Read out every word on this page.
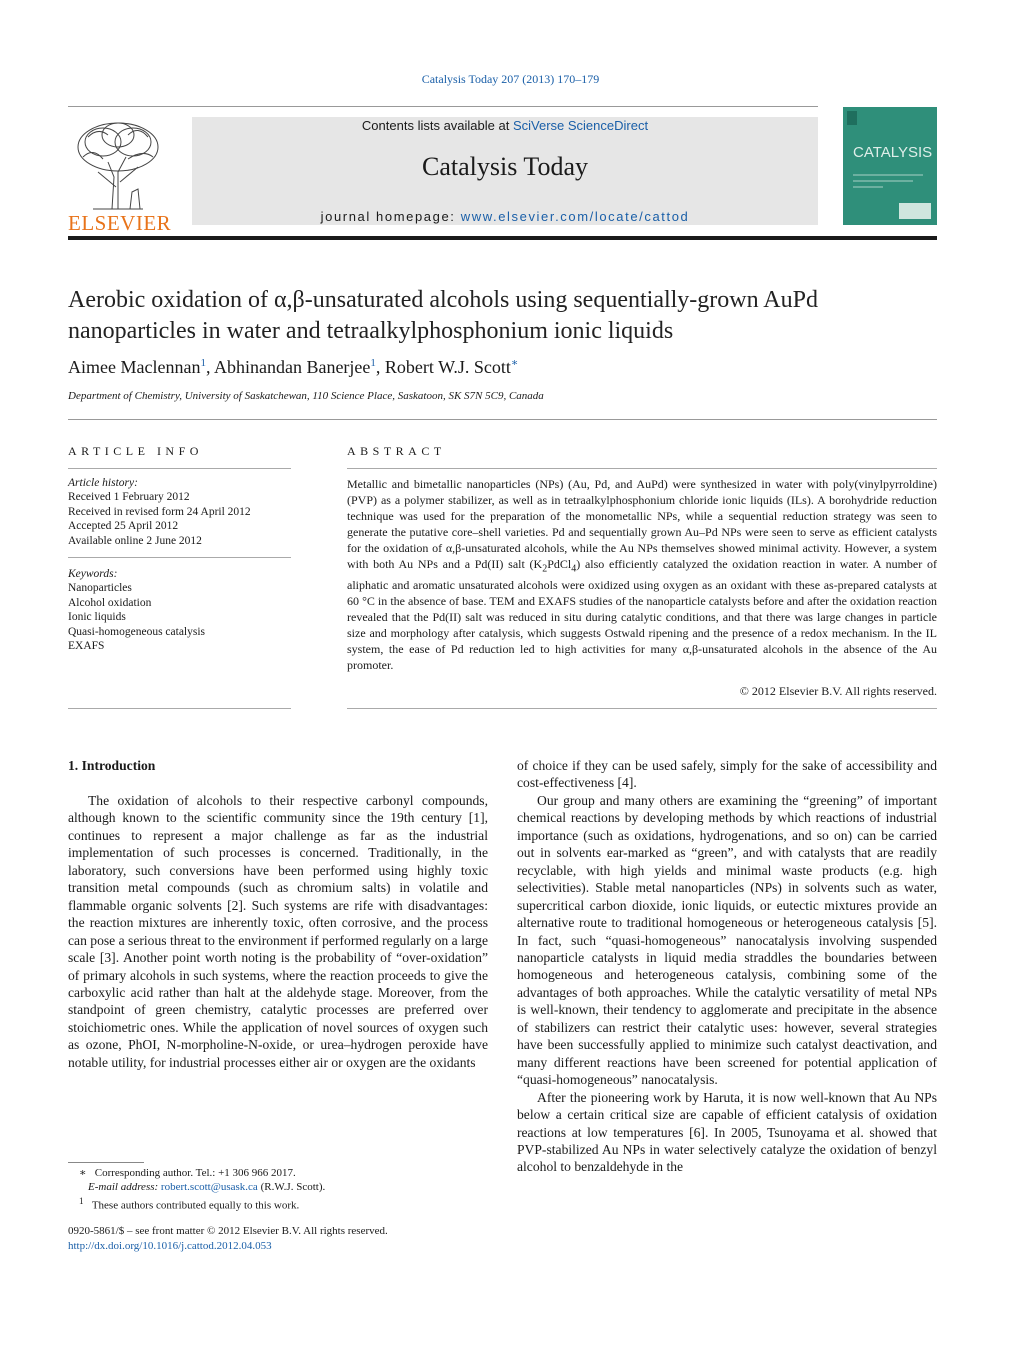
Catalysis Today 207 (2013) 170–179
ELSEVIER
Contents lists available at SciVerse ScienceDirect
Catalysis Today
journal homepage: www.elsevier.com/locate/cattod
CATALYSIS
Aerobic oxidation of α,β-unsaturated alcohols using sequentially-grown AuPd nanoparticles in water and tetraalkylphosphonium ionic liquids
Aimee Maclennan$^1$, Abhinandan Banerjee$^1$, Robert W.J. Scott∗
Department of Chemistry, University of Saskatchewan, 110 Science Place, Saskatoon, SK S7N 5C9, Canada
ARTICLE INFO
Article history:
Received 1 February 2012
Received in revised form 24 April 2012
Accepted 25 April 2012
Available online 2 June 2012
Keywords:
Nanoparticles
Alcohol oxidation
Ionic liquids
Quasi-homogeneous catalysis
EXAFS
ABSTRACT
Metallic and bimetallic nanoparticles (NPs) (Au, Pd, and AuPd) were synthesized in water with poly(vinylpyrroldine) (PVP) as a polymer stabilizer, as well as in tetraalkylphosphonium chloride ionic liquids (ILs). A borohydride reduction technique was used for the preparation of the monometallic NPs, while a sequential reduction strategy was seen to generate the putative core–shell varieties. Pd and sequentially grown Au–Pd NPs were seen to serve as efficient catalysts for the oxidation of α,β-unsaturated alcohols, while the Au NPs themselves showed minimal activity. However, a system with both Au NPs and a Pd(II) salt $(K_2PdCl_4)$ also efficiently catalyzed the oxidation reaction in water. A number of aliphatic and aromatic unsaturated alcohols were oxidized using oxygen as an oxidant with these as-prepared catalysts at 60 °C in the absence of base. TEM and EXAFS studies of the nanoparticle catalysts before and after the oxidation reaction revealed that the Pd(II) salt was reduced in situ during catalytic conditions, and that there was large changes in particle size and morphology after catalysis, which suggests Ostwald ripening and the presence of a redox mechanism. In the IL system, the ease of Pd reduction led to high activities for many α,β-unsaturated alcohols in the absence of the Au promoter.
© 2012 Elsevier B.V. All rights reserved.
1. Introduction

The oxidation of alcohols to their respective carbonyl compounds, although known to the scientific community since the 19th century [1], continues to represent a major challenge as far as the industrial implementation of such processes is concerned. Traditionally, in the laboratory, such conversions have been performed using highly toxic transition metal compounds (such as chromium salts) in volatile and flammable organic solvents [2]. Such systems are rife with disadvantages: the reaction mixtures are inherently toxic, often corrosive, and the process can pose a serious threat to the environment if performed regularly on a large scale [3]. Another point worth noting is the probability of “over-oxidation” of primary alcohols in such systems, where the reaction proceeds to give the carboxylic acid rather than halt at the aldehyde stage. Moreover, from the standpoint of green chemistry, catalytic processes are preferred over stoichiometric ones. While the application of novel sources of oxygen such as ozone, PhOI, N-morpholine-N-oxide, or urea–hydrogen peroxide have notable utility, for industrial processes either air or oxygen are the oxidants

of choice if they can be used safely, simply for the sake of accessibility and cost-effectiveness [4].

Our group and many others are examining the “greening” of important chemical reactions by developing methods by which reactions of industrial importance (such as oxidations, hydrogenations, and so on) can be carried out in solvents ear-marked as “green”, and with catalysts that are readily recyclable, with high yields and minimal waste products (e.g. high selectivities). Stable metal nanoparticles (NPs) in solvents such as water, supercritical carbon dioxide, ionic liquids, or eutectic mixtures provide an alternative route to traditional homogeneous or heterogeneous catalysis [5]. In fact, such “quasi-homogeneous” nanocatalysis involving suspended nanoparticle catalysts in liquid media straddles the boundaries between homogeneous and heterogeneous catalysis, combining some of the advantages of both approaches. While the catalytic versatility of metal NPs is well-known, their tendency to agglomerate and precipitate in the absence of stabilizers can restrict their catalytic uses: however, several strategies have been successfully applied to minimize such catalyst deactivation, and many different reactions have been screened for potential application of “quasi-homogeneous” nanocatalysis.

After the pioneering work by Haruta, it is now well-known that Au NPs below a certain critical size are capable of efficient catalysis of oxidation reactions at low temperatures [6]. In 2005, Tsunoyama et al. showed that PVP-stabilized Au NPs in water selectively catalyze the oxidation of benzyl alcohol to benzaldehyde in the

∗ Corresponding author. Tel.: +1 306 966 2017.
E-mail address: robert.scott@usask.ca (R.W.J. Scott).
$^1$ These authors contributed equally to this work.
0920-5861/$ – see front matter © 2012 Elsevier B.V. All rights reserved.
http://dx.doi.org/10.1016/j.cattod.2012.04.053
